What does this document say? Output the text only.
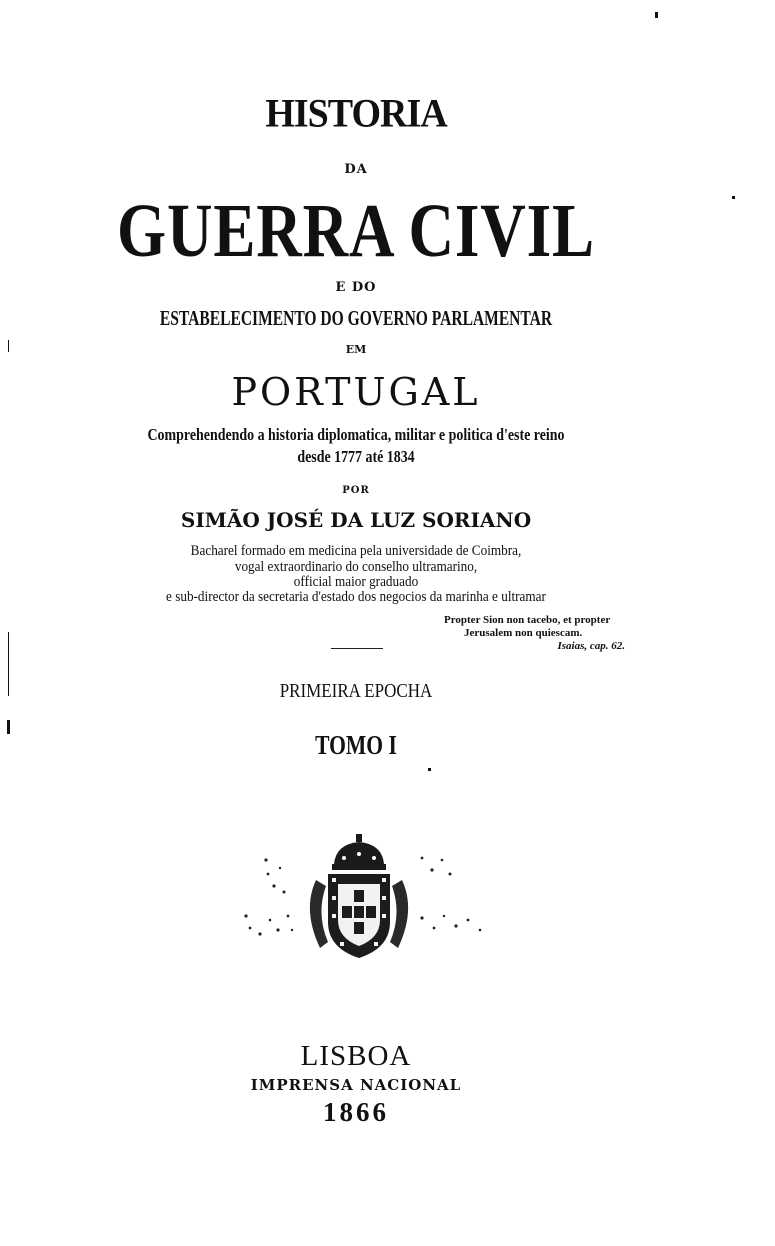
HISTORIA
DA
GUERRA CIVIL
E DO
ESTABELECIMENTO DO GOVERNO PARLAMENTAR
EM
PORTUGAL
Comprehendendo a historia diplomatica, militar e politica d'este reino
desde 1777 até 1834
POR
SIMÃO JOSÉ DA LUZ SORIANO
Bacharel formado em medicina pela universidade de Coimbra,
vogal extraordinario do conselho ultramarino,
official maior graduado
e sub-director da secretaria d'estado dos negocios da marinha e ultramar
Propter Sion non tacebo, et propter
Jerusalem non quiescam.
Isaias, cap. 62.
PRIMEIRA EPOCHA
TOMO I
LISBOA
IMPRENSA NACIONAL
1866
